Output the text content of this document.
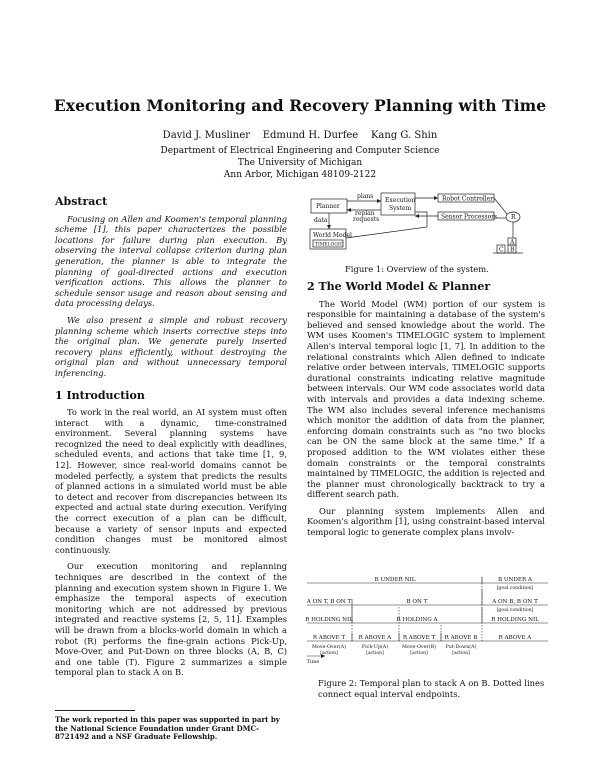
Execution Monitoring and Recovery Planning with Time
David J. Musliner    Edmund H. Durfee    Kang G. Shin
Department of Electrical Engineering and Computer Science
The University of Michigan
Ann Arbor, Michigan 48109-2122
Abstract

Focusing on Allen and Koomen's temporal planning scheme [1], this paper characterizes the possible locations for failure during plan execution. By observing the interval collapse criterion during plan generation, the planner is able to integrate the planning of goal-directed actions and execution verification actions. This allows the planner to schedule sensor usage and reason about sensing and data processing delays.

We also present a simple and robust recovery planning scheme which inserts corrective steps into the original plan. We generate purely inserted recovery plans efficiently, without destroying the original plan and without unnecessary temporal inferencing.

1 Introduction

To work in the real world, an AI system must often interact with a dynamic, time-constrained environment. Several planning systems have recognized the need to deal explicitly with deadlines, scheduled events, and actions that take time [1, 9, 12]. However, since real-world domains cannot be modeled perfectly, a system that predicts the results of planned actions in a simulated world must be able to detect and recover from discrepancies between its expected and actual state during execution. Verifying the correct execution of a plan can be difficult, because a variety of sensor inputs and expected condition changes must be monitored almost continuously.

Our execution monitoring and replanning techniques are described in the context of the planning and execution system shown in Figure 1. We emphasize the temporal aspects of execution monitoring which are not addressed by previous integrated and reactive systems [2, 5, 11]. Examples will be drawn from a blocks-world domain in which a robot (R) performs the fine-grain actions Pick-Up, Move-Over, and Put-Down on three blocks (A, B, C) and one table (T). Figure 2 summarizes a simple temporal plan to stack A on B.

The work reported in this paper was supported in part by the National Science Foundation under Grant DMC-8721492 and a NSF Graduate Fellowship.
Planner
plans
Execution
System
replan
requests
Robot Controller
Sensor Processors
data
World Model
TIMELOGIC
R
A
B
C
Figure 1: Overview of the system.
2 The World Model & Planner

The World Model (WM) portion of our system is responsible for maintaining a database of the system's believed and sensed knowledge about the world. The WM uses Koomen's TIMELOGIC system to implement Allen's interval temporal logic [1, 7]. In addition to the relational constraints which Allen defined to indicate relative order between intervals, TIMELOGIC supports durational constraints indicating relative magnitude between intervals. Our WM code associates world data with intervals and provides a data indexing scheme. The WM also includes several inference mechanisms which monitor the addition of data from the planner, enforcing domain constraints such as "no two blocks can be ON the same block at the same time." If a proposed addition to the WM violates either these domain constraints or the temporal constraints maintained by TIMELOGIC, the addition is rejected and the planner must chronologically backtrack to try a different search path.

Our planning system implements Allen and Koomen's algorithm [1], using constraint-based interval temporal logic to generate complex plans involv-

B UNDER NIL	B UNDER A
[goal condition]
A ON T, B ON T	B ON T	A ON B, B ON T
[goal condition]
R HOLDING NIL	R HOLDING A	R HOLDING NIL
R ABOVE T R ABOVE A R ABOVE T R ABOVE B	R ABOVE A
Move-Over(A)	Pick-Up(A)	Move-Over(B) Put-Down(A)
[action]	[action]	[action]	[action]
Time
Figure 2: Temporal plan to stack A on B. Dotted lines connect equal interval endpoints.
